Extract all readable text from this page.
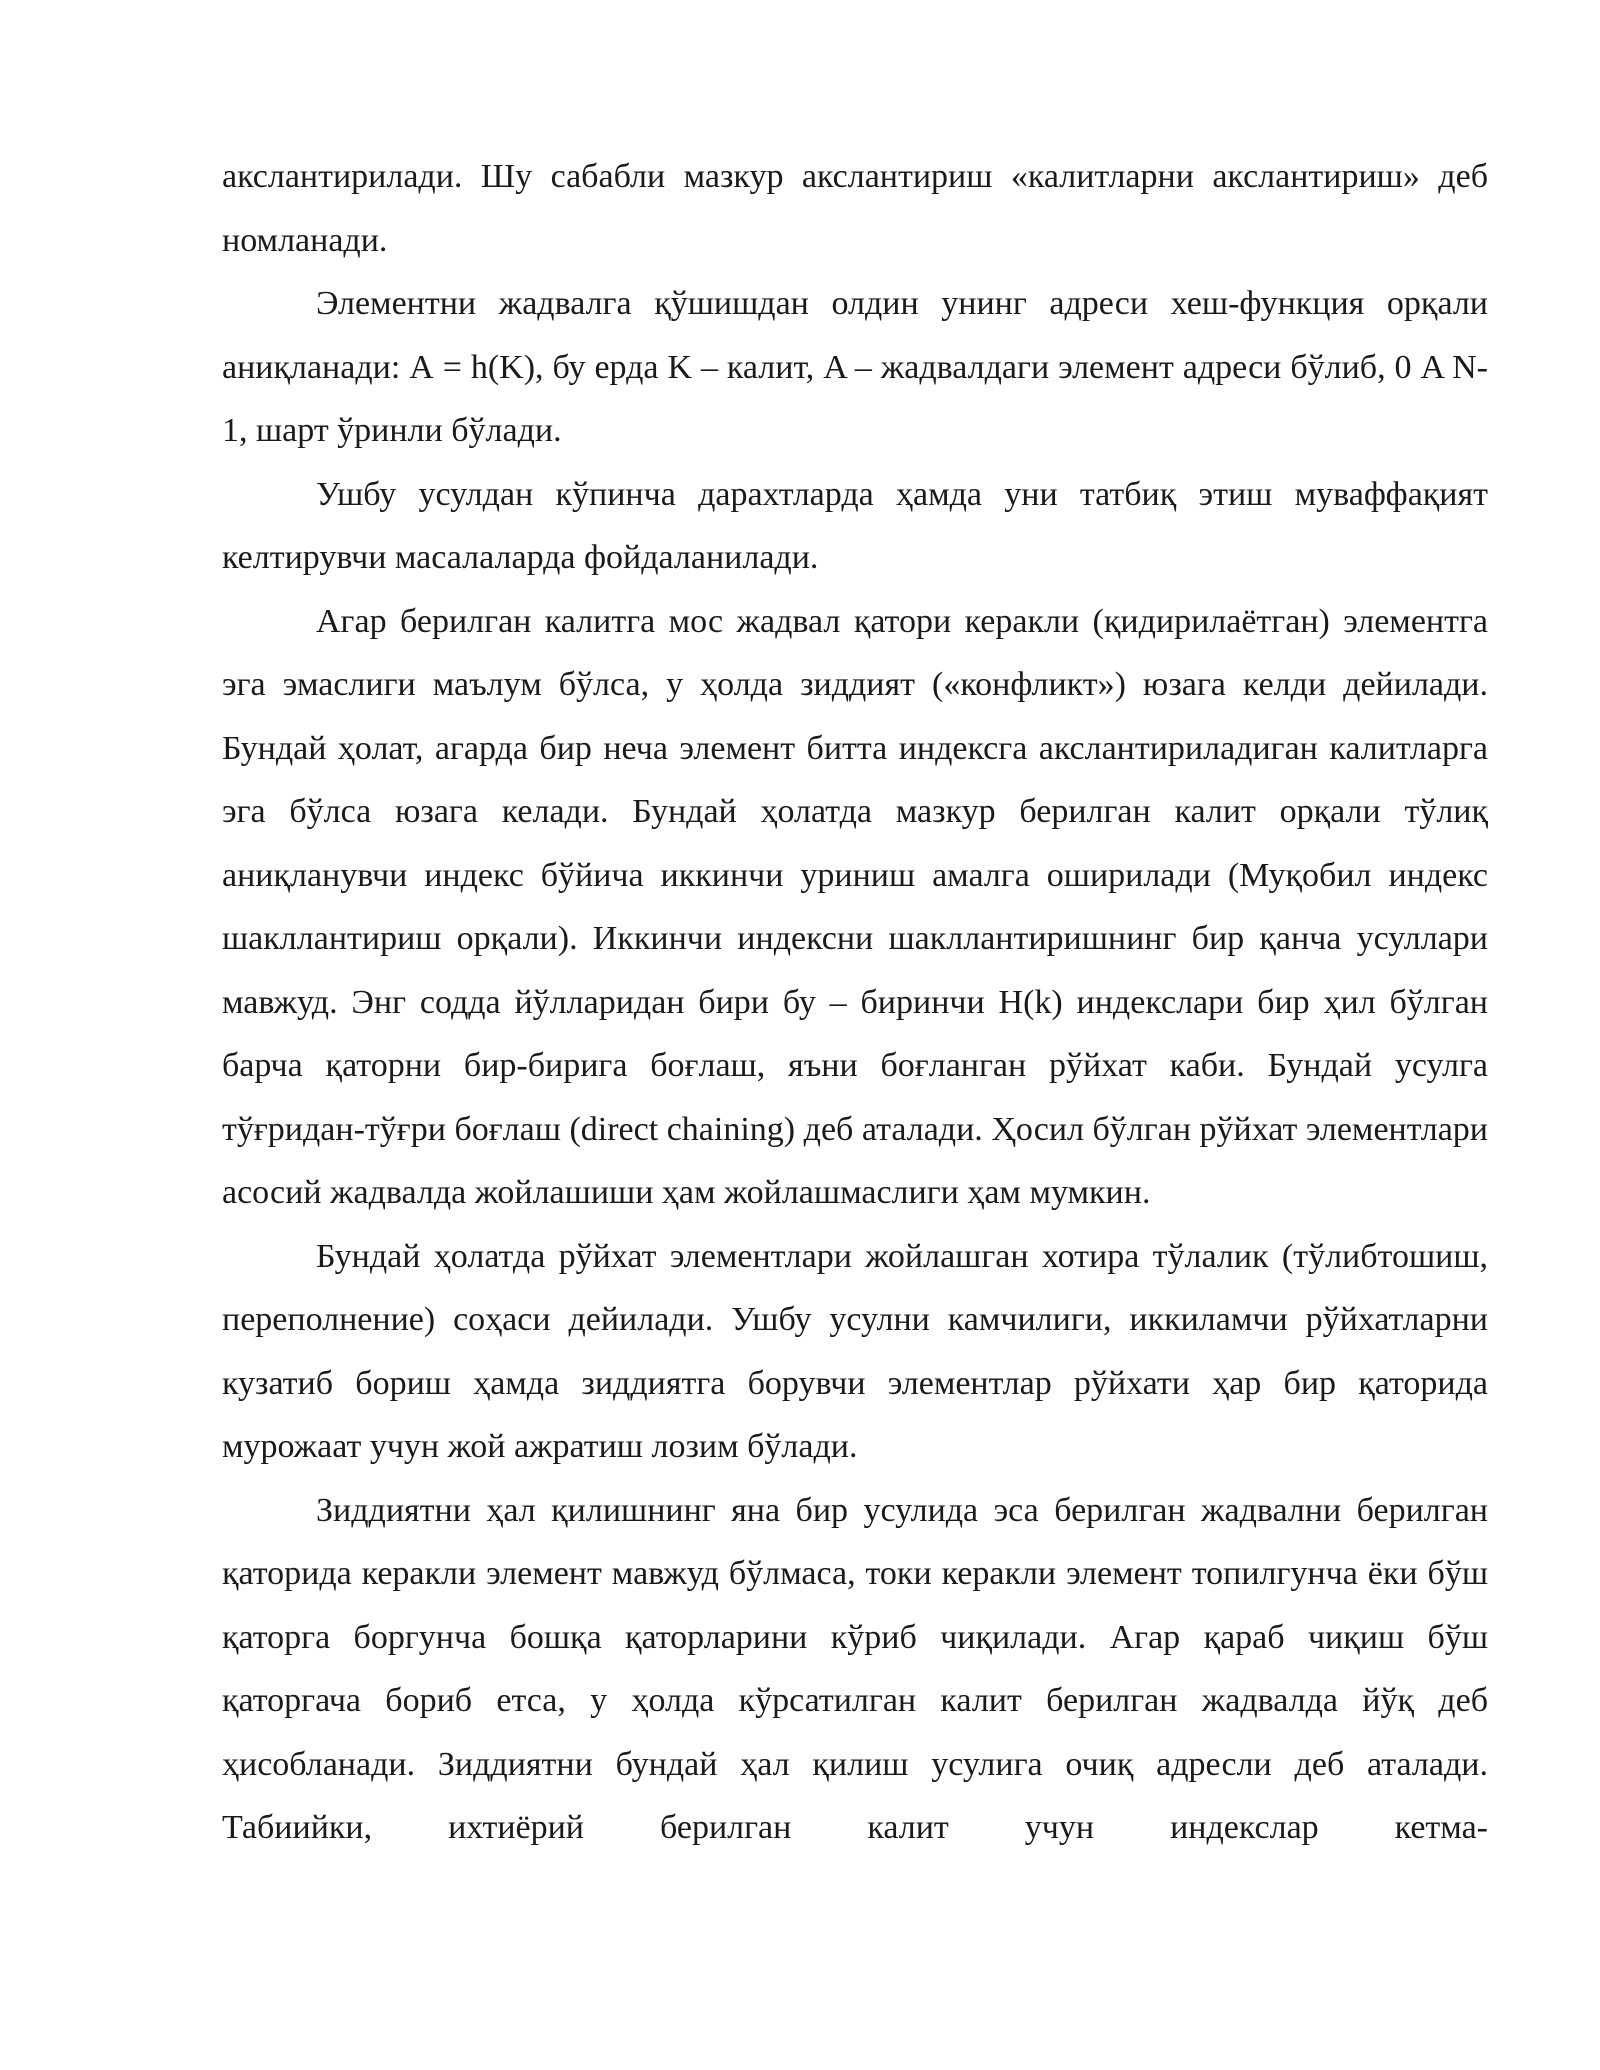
акслантирилади. Шу сабабли мазкур акслантириш «калитларни акслантириш» деб номланади.

Элементни жадвалга қўшишдан олдин унинг адреси хеш-функция орқали аниқланади: А = h(K), бу ерда K – калит, A – жадвалдаги элемент адреси бўлиб, 0 A N-1, шарт ўринли бўлади.

Ушбу усулдан кўпинча дарахтларда ҳамда уни татбиқ этиш муваффақият келтирувчи масалаларда фойдаланилади.

Агар берилган калитга мос жадвал қатори керакли (қидирилаётган) элементга эга эмаслиги маълум бўлса, у ҳолда зиддият («конфликт») юзага келди дейилади. Бундай ҳолат, агарда бир неча элемент битта индексга акслантириладиган калитларга эга бўлса юзага келади. Бундай ҳолатда мазкур берилган калит орқали тўлиқ аниқланувчи индекс бўйича иккинчи уриниш амалга оширилади (Муқобил индекс шакллантириш орқали). Иккинчи индексни шакллантиришнинг бир қанча усуллари мавжуд. Энг содда йўлларидан бири бу – биринчи H(k) индекслари бир ҳил бўлган барча қаторни бир-бирига боғлаш, яъни боғланган рўйхат каби. Бундай усулга тўғридан-тўғри боғлаш (direct chaining) деб аталади. Ҳосил бўлган рўйхат элементлари асосий жадвалда жойлашиши ҳам жойлашмаслиги ҳам мумкин.

Бундай ҳолатда рўйхат элементлари жойлашган хотира тўлалик (тўлибтошиш, переполнение) соҳаси дейилади. Ушбу усулни камчилиги, иккиламчи рўйхатларни кузатиб бориш ҳамда зиддиятга борувчи элементлар рўйхати ҳар бир қаторида мурожаат учун жой ажратиш лозим бўлади.

Зиддиятни ҳал қилишнинг яна бир усулида эса берилган жадвални берилган қаторида керакли элемент мавжуд бўлмаса, токи керакли элемент топилгунча ёки бўш қаторга боргунча бошқа қаторларини кўриб чиқилади. Агар қараб чиқиш бўш қаторгача бориб етса, у ҳолда кўрсатилган калит берилган жадвалда йўқ деб ҳисобланади. Зиддиятни бундай ҳал қилиш усулига очиқ адресли деб аталади. Табиийки, ихтиёрий берилган калит учун индекслар кетма-
